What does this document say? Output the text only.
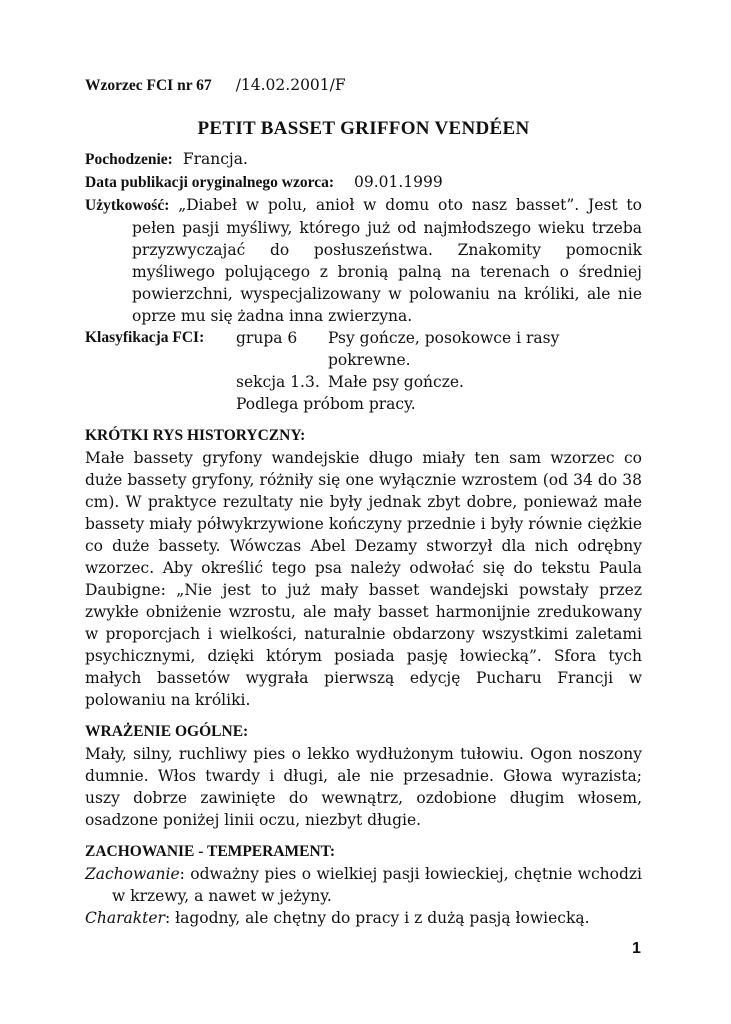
Wzorzec FCI nr 67 /14.02.2001/F

PETIT BASSET GRIFFON VENDÉEN

Pochodzenie: Francja.

Data publikacji oryginalnego wzorca: 09.01.1999

Użytkowość: „Diabeł w polu, anioł w domu oto nasz basset”. Jest to pełen pasji myśliwy, którego już od najmłodszego wieku trzeba przyzwyczajać do posłuszeństwa. Znakomity pomocnik myśliwego polującego z bronią palną na terenach o średniej powierzchni, wyspecjalizowany w polowaniu na króliki, ale nie oprze mu się żadna inna zwierzyna.

Klasyfikacja FCI:	grupa 6	Psy gończe, posokowce i rasy pokrewne.
sekcja 1.3. Małe psy gończe.
Podlega próbom pracy.

KRÓTKI RYS HISTORYCZNY:

Małe bassety gryfony wandejskie długo miały ten sam wzorzec co duże bassety gryfony, różniły się one wyłącznie wzrostem (od 34 do 38 cm). W praktyce rezultaty nie były jednak zbyt dobre, ponieważ małe bassety miały półwykrzywione kończyny przednie i były równie ciężkie co duże bassety. Wówczas Abel Dezamy stworzył dla nich odrębny wzorzec. Aby określić tego psa należy odwołać się do tekstu Paula Daubigne: „Nie jest to już mały basset wandejski powstały przez zwykłe obniżenie wzrostu, ale mały basset harmonijnie zredukowany w proporcjach i wielkości, naturalnie obdarzony wszystkimi zaletami psychicznymi, dzięki którym posiada pasję łowiecką”. Sfora tych małych bassetów wygrała pierwszą edycję Pucharu Francji w polowaniu na króliki.

WRAŻENIE OGÓLNE:

Mały, silny, ruchliwy pies o lekko wydłużonym tułowiu. Ogon noszony dumnie. Włos twardy i długi, ale nie przesadnie. Głowa wyrazista; uszy dobrze zawinięte do wewnątrz, ozdobione długim włosem, osadzone poniżej linii oczu, niezbyt długie.

ZACHOWANIE - TEMPERAMENT:

Zachowanie: odważny pies o wielkiej pasji łowieckiej, chętnie wchodzi w krzewy, a nawet w jeżyny.

Charakter: łagodny, ale chętny do pracy i z dużą pasją łowiecką.

1
